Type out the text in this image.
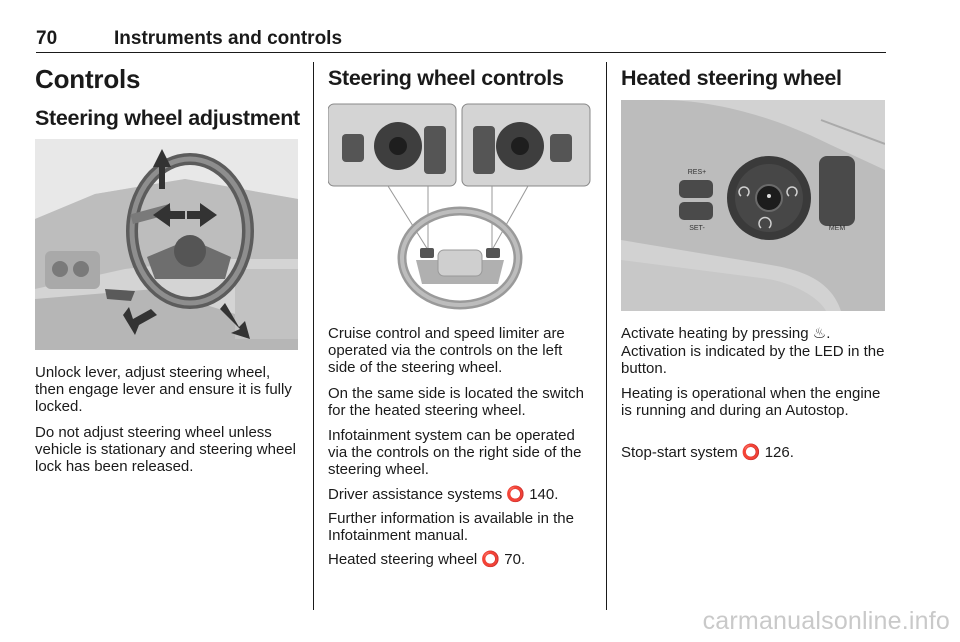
70	Instruments and controls
Controls
Steering wheel adjustment

Unlock lever, adjust steering wheel, then engage lever and ensure it is fully locked.

Do not adjust steering wheel unless vehicle is stationary and steering wheel lock has been released.

Steering wheel controls

Cruise control and speed limiter are operated via the controls on the left side of the steering wheel.

On the same side is located the switch for the heated steering wheel.

Infotainment system can be operated via the controls on the right side of the steering wheel.

Driver assistance systems ⭕ 140.

Further information is available in the Infotainment manual.

Heated steering wheel ⭕ 70.

Heated steering wheel
RES+
SET-	MEM

Activate heating by pressing ♨.

Activation is indicated by the LED in the button.

Heating is operational when the engine is running and during an Autostop.

Stop-start system ⭕ 126.

carmanualsonline.info
